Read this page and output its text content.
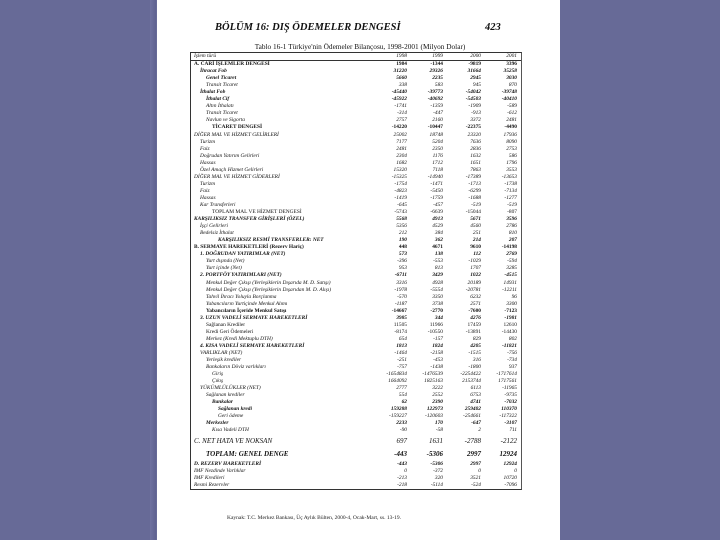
BÖLÜM 16: DIŞ ÖDEMELER DENGESİ	423
Tablo 16-1 Türkiye'nin Ödemeler Bilançosu, 1998-2001 (Milyon Dolar)
İşlem türü	1998	1999	2000	2001
A. CARİ İŞLEMLER DENGESİ	1984	-1344	-9819	3396
İhracat Fob	31220	29326	31664	35258
Genel Ticaret	5660	2235	2945	3030
Transit Ticaret	338	583	945	870
İthalat Fob	-45440	-39773	-54042	-39748
İthalat Cif	-45922	-40692	-54503	-40410
Altın İthalatı	-1741	-1359	-1909	-589
Transit Ticaret	-314	-447	-913	-612
Navlun ve Sigorta	2757	2160	3372	2481
TİCARET DENGESİ	-14220	-10447	-22375	-4490
DİĞER MAL VE HİZMET GELİRLERİ	25002	18748	23320	17936
Turizm	7177	5204	7636	8090
Faiz	2481	2350	2836	2753
Doğrudan Yatırım Gelirleri	2304	1176	1632	586
Hassas	1682	1712	1651	1796
Özel Amaçlı Hizmet Gelirleri	15320	7118	7863	3553
DİĞER MAL VE HİZMET GİDERLERİ	-15325	-14940	-17389	-13653
Turizm	-1754	-1471	-1713	-1738
Faiz	-4823	-5450	-6299	-7134
Hassas	-1419	-1759	-1688	-1277
Kar Transferleri	-645	-457	-519	-519
TOPLAM MAL VE HİZMET DENGESİ	-5743	-6639	-15044	-807
KARŞILIKSIZ TRANSFER GİRİŞLERİ (ÖZEL)	5568	4913	5671	3596
İşçi Gelirleri	5356	4529	4560	2786
Bedelsiz İthalat	212	384	251	810
KARŞILIKSIZ RESMİ TRANSFERLER: NET	190	362	214	207
B. SERMAYE HAREKETLERİ (Rezerv Hariç)	448	4671	9610	-14198
1. DOĞRUDAN YATIRIMLAR (NET)	573	138	112	2769
Yurt dışında (Net)	-396	-553	-1029	-594
Yurt içinde (Net)	953	813	1707	3285
2. PORTFÖY YATIRIMLARI (NET)	-6711	3429	1022	-4515
Menkul Değer Çıkışı (Yerleşiklerin Dışarıda M. D. Satışı)	3316	4928	20189	14931
Menkul Değer Çıkışı (Yerleşiklerin Dışarıdan M. D. Alışı)	-1978	-5554	-20781	-12211
Tahvil İhracı Yoluyla Borçlanma	-570	3350	6232	96
Yabancıların Yurtiçinde Menkul Alımı	-1187	3738	2571	3300
Yabancıların İçeride Menkul Satışı	-14667	-2770	-7600	-7123
3. UZUN VADELİ SERMAYE HAREKETLERİ	3985	344	4276	-1981
Sağlanan Krediler	11505	11966	17459	12610
Kredi Geri Ödemeleri	-8174	-10550	-13891	-14430
Merkez (Kredi Mektuplu DTH)	654	-157	829	802
4. KISA VADELİ SERMAYE HAREKETLERİ	1813	1824	4205	-11821
VARLIKLAR (NET)	-1464	-2158	-1515	-756
Yerleşik krediler	-251	-453	316	-734
Bankaların Döviz varlıkları	-757	-1438	-1800	937
Giriş	-1654834	-1476539	-2254422	-1717614
Çıkış	1664092	1825163	2153744	1717561
YÜKÜMLÜLÜKLER (NET)	2777	3222	6113	-11965
Sağlanan krediler	554	2552	6753	-9735
Bankalar	62	2390	4741	-7032
Sağlanan kredi	159288	122973	259402	110370
Geri ödeme	-159227	-120603	-254661	-117322
Merkezler	2233	170	-647	-3107
Kısa Vadeli DTH	-90	-58	2	711
C. NET HATA VE NOKSAN	697	1631	-2788	-2122
TOPLAM: GENEL DENGE	-443	-5306	2997	12924
D. REZERV HAREKETLERİ	-443	-5306	2997	12924
IMF Nezdinde Varlıklar	0	-372	0	0
IMF Kredileri	-213	320	3521	10720
Resmi Rezervler	-218	-5114	-524	-7096
Kaynak: T.C. Merkez Bankası, Üç Aylık Bülten, 2000-4, Ocak-Mart, ss. 13-19.
